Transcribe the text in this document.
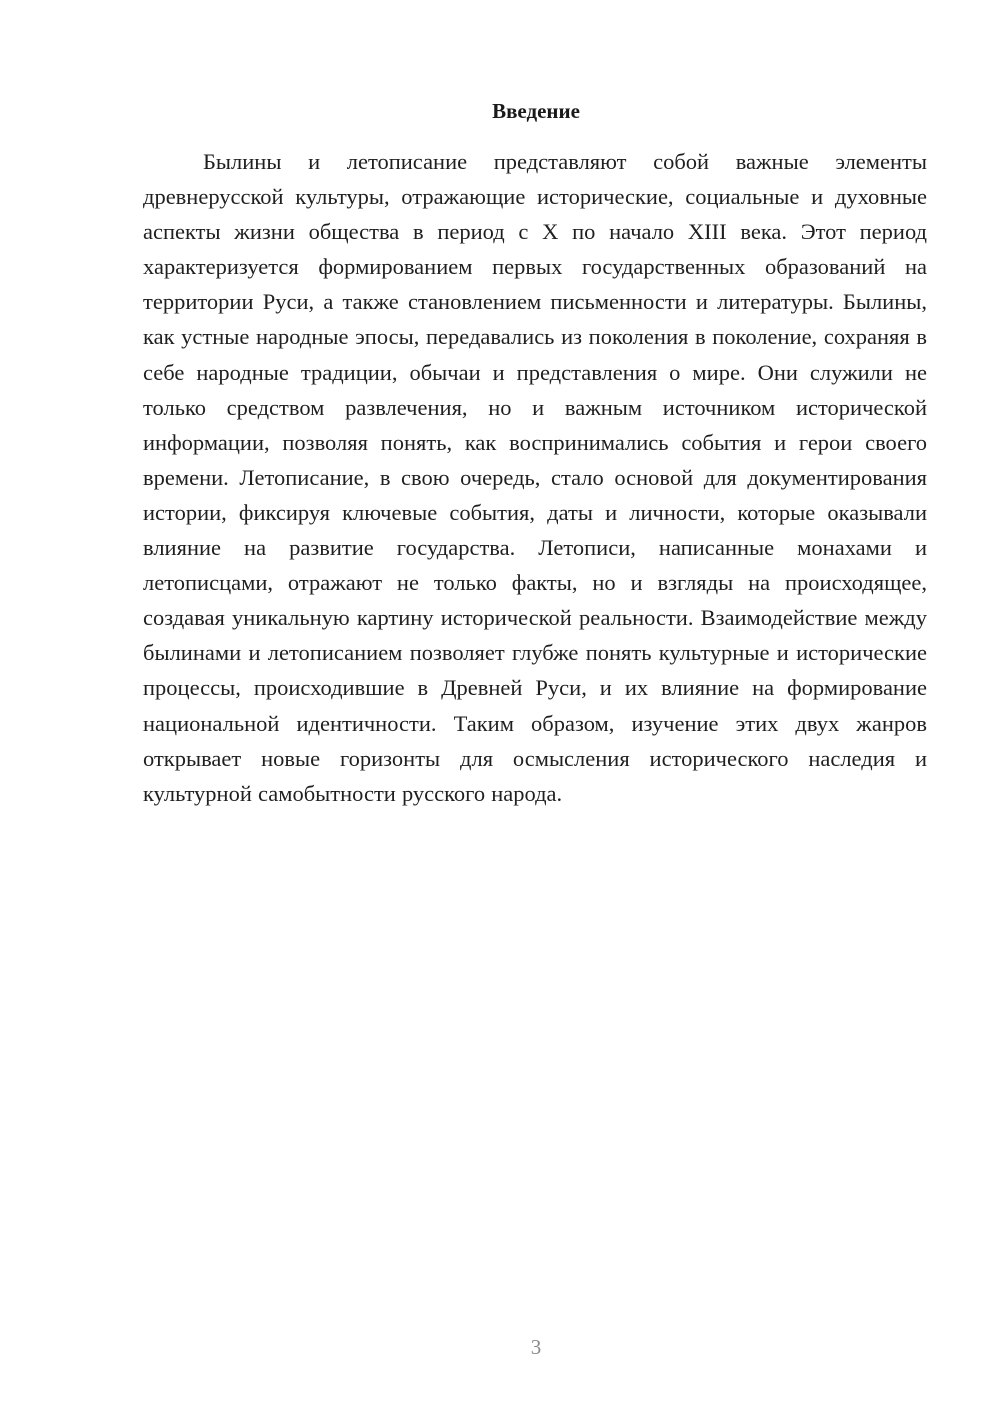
Введение

Былины и летописание представляют собой важные элементы древнерусской культуры, отражающие исторические, социальные и духовные аспекты жизни общества в период с X по начало XIII века. Этот период характеризуется формированием первых государственных образований на территории Руси, а также становлением письменности и литературы. Былины, как устные народные эпосы, передавались из поколения в поколение, сохраняя в себе народные традиции, обычаи и представления о мире. Они служили не только средством развлечения, но и важным источником исторической информации, позволяя понять, как воспринимались события и герои своего времени. Летописание, в свою очередь, стало основой для документирования истории, фиксируя ключевые события, даты и личности, которые оказывали влияние на развитие государства. Летописи, написанные монахами и летописцами, отражают не только факты, но и взгляды на происходящее, создавая уникальную картину исторической реальности. Взаимодействие между былинами и летописанием позволяет глубже понять культурные и исторические процессы, происходившие в Древней Руси, и их влияние на формирование национальной идентичности. Таким образом, изучение этих двух жанров открывает новые горизонты для осмысления исторического наследия и культурной самобытности русского народа.

3
